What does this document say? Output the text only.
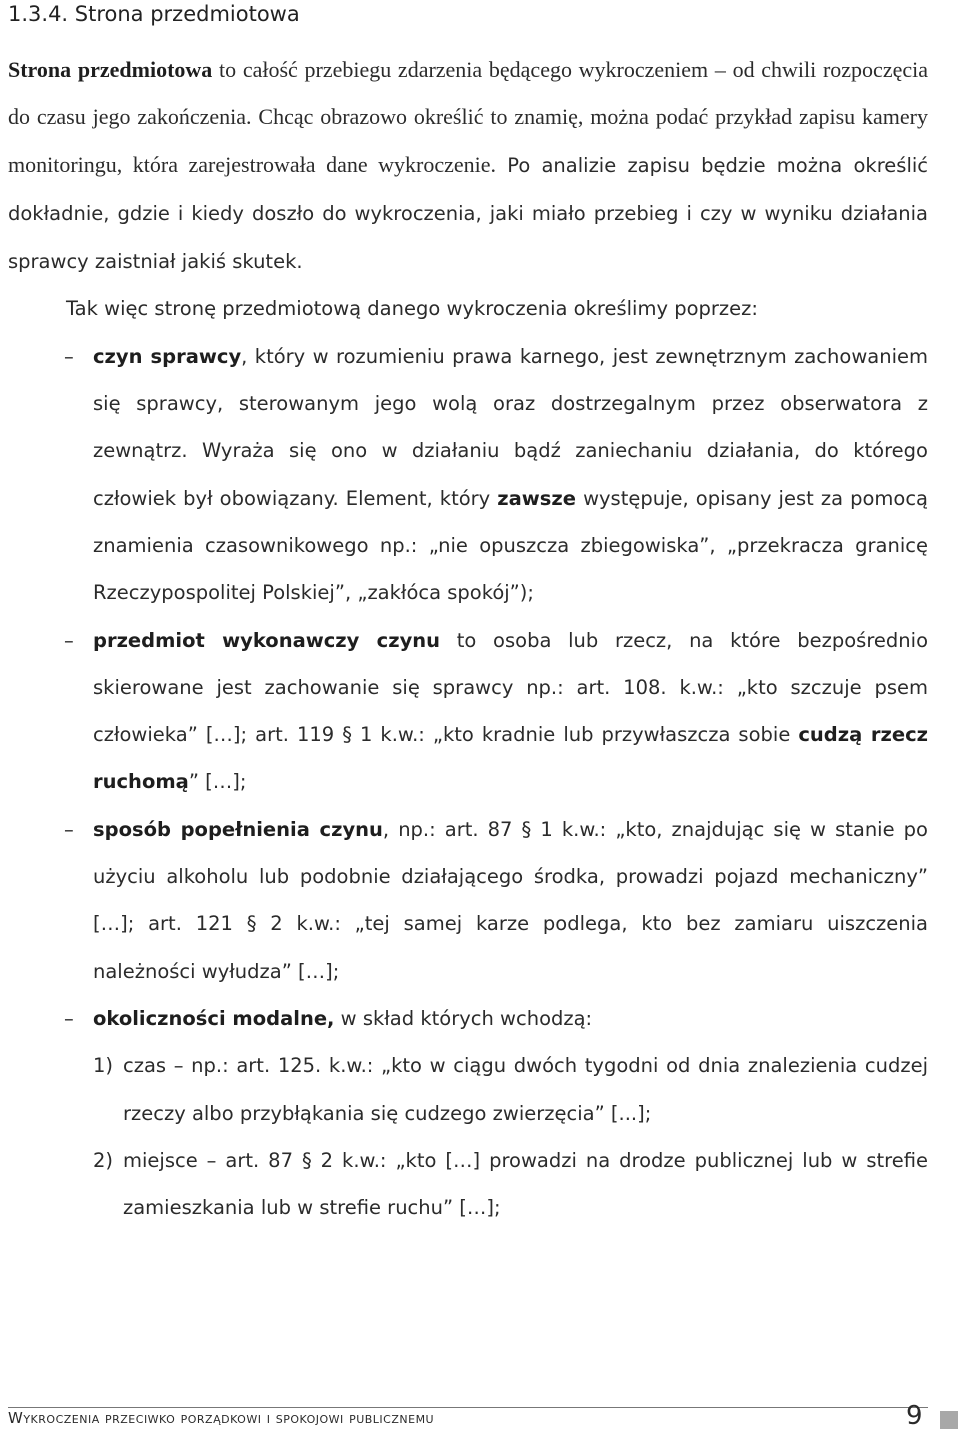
1.3.4. Strona przedmiotowa

Strona przedmiotowa to całość przebiegu zdarzenia będącego wykroczeniem – od chwili rozpoczęcia do czasu jego zakończenia. Chcąc obrazowo określić to znamię, można podać przykład zapisu kamery monitoringu, która zarejestrowała dane wykroczenie. Po analizie zapisu będzie można określić dokładnie, gdzie i kiedy doszło do wykroczenia, jaki miało przebieg i czy w wyniku działania sprawcy zaistniał jakiś skutek.

Tak więc stronę przedmiotową danego wykroczenia określimy poprzez:

– czyn sprawcy, który w rozumieniu prawa karnego, jest zewnętrznym zachowaniem się sprawcy, sterowanym jego wolą oraz dostrzegalnym przez obserwatora z zewnątrz. Wyraża się ono w działaniu bądź zaniechaniu działania, do którego człowiek był obowiązany. Element, który zawsze występuje, opisany jest za pomocą znamienia czasownikowego np.: „nie opuszcza zbiegowiska”, „przekracza granicę Rzeczypospolitej Polskiej”, „zakłóca spokój”);
– przedmiot wykonawczy czynu to osoba lub rzecz, na które bezpośrednio skierowane jest zachowanie się sprawcy np.: art. 108. k.w.: „kto szczuje psem człowieka” […]; art. 119 § 1 k.w.: „kto kradnie lub przywłaszcza sobie cudzą rzecz ruchomą” […];
– sposób popełnienia czynu, np.: art. 87 § 1 k.w.: „kto, znajdując się w stanie po użyciu alkoholu lub podobnie działającego środka, prowadzi pojazd mechaniczny” […]; art. 121 § 2 k.w.: „tej samej karze podlega, kto bez zamiaru uiszczenia należności wyłudza” […];
– okoliczności modalne, w skład których wchodzą:
1) czas – np.: art. 125. k.w.: „kto w ciągu dwóch tygodni od dnia znalezienia cudzej rzeczy albo przybłąkania się cudzego zwierzęcia” [...];
2) miejsce – art. 87 § 2 k.w.: „kto […] prowadzi na drodze publicznej lub w strefie zamieszkania lub w strefie ruchu” […];
Wykroczenia przeciwko porządkowi i spokojowi publicznemu	9
